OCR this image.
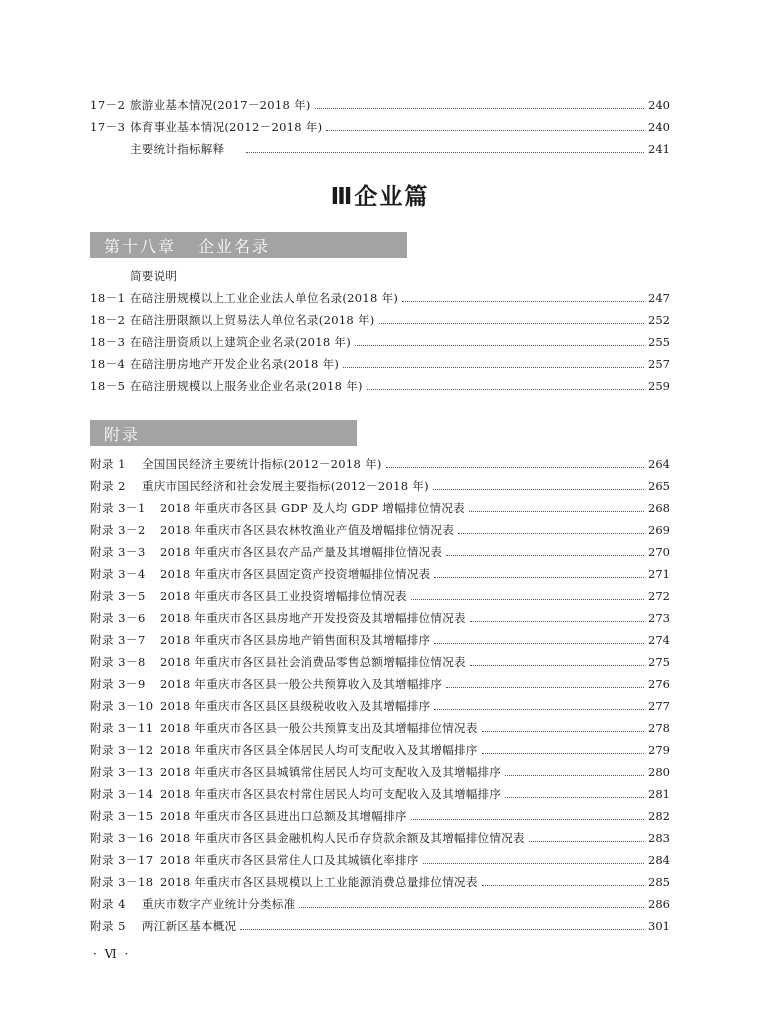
17－2 旅游业基本情况(2017－2018 年)	240
17－3 体育事业基本情况(2012－2018 年)	240
主要统计指标解释	241
Ⅲ企业篇
第十八章 企业名录
简要说明
18－1 在碚注册规模以上工业企业法人单位名录(2018 年)	247
18－2 在碚注册限额以上贸易法人单位名录(2018 年)	252
18－3 在碚注册资质以上建筑企业名录(2018 年)	255
18－4 在碚注册房地产开发企业名录(2018 年)	257
18－5 在碚注册规模以上服务业企业名录(2018 年)	259
附录
附录 1	全国国民经济主要统计指标(2012－2018 年)	264
附录 2	重庆市国民经济和社会发展主要指标(2012－2018 年)	265
附录 3－1	2018 年重庆市各区县 GDP 及人均 GDP 增幅排位情况表	268
附录 3－2	2018 年重庆市各区县农林牧渔业产值及增幅排位情况表	269
附录 3－3	2018 年重庆市各区县农产品产量及其增幅排位情况表	270
附录 3－4	2018 年重庆市各区县固定资产投资增幅排位情况表	271
附录 3－5	2018 年重庆市各区县工业投资增幅排位情况表	272
附录 3－6	2018 年重庆市各区县房地产开发投资及其增幅排位情况表	273
附录 3－7	2018 年重庆市各区县房地产销售面积及其增幅排序	274
附录 3－8	2018 年重庆市各区县社会消费品零售总额增幅排位情况表	275
附录 3－9	2018 年重庆市各区县一般公共预算收入及其增幅排序	276
附录 3－10 2018 年重庆市各区县区县级税收收入及其增幅排序	277
附录 3－11 2018 年重庆市各区县一般公共预算支出及其增幅排位情况表	278
附录 3－12 2018 年重庆市各区县全体居民人均可支配收入及其增幅排序	279
附录 3－13 2018 年重庆市各区县城镇常住居民人均可支配收入及其增幅排序	280
附录 3－14 2018 年重庆市各区县农村常住居民人均可支配收入及其增幅排序	281
附录 3－15 2018 年重庆市各区县进出口总额及其增幅排序	282
附录 3－16 2018 年重庆市各区县金融机构人民币存贷款余额及其增幅排位情况表	283
附录 3－17 2018 年重庆市各区县常住人口及其城镇化率排序	284
附录 3－18 2018 年重庆市各区县规模以上工业能源消费总量排位情况表	285
附录 4	重庆市数字产业统计分类标准	286
附录 5	两江新区基本概况	301
· Ⅵ ·
